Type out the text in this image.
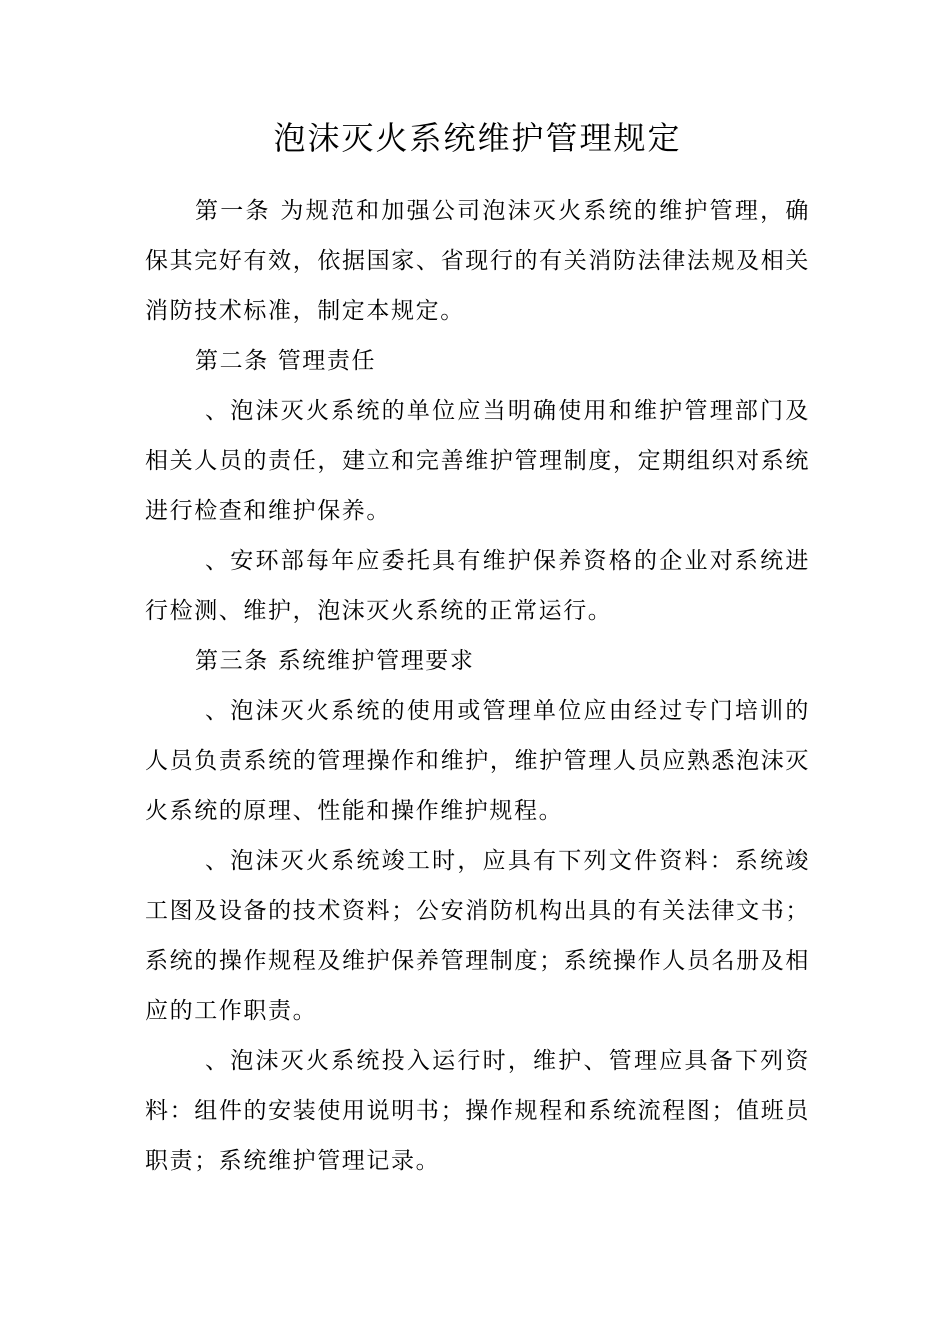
泡沫灭火系统维护管理规定

第一条 为规范和加强公司泡沫灭火系统的维护管理，确保其完好有效，依据国家、省现行的有关消防法律法规及相关消防技术标准，制定本规定。

第二条 管理责任

、泡沫灭火系统的单位应当明确使用和维护管理部门及相关人员的责任，建立和完善维护管理制度，定期组织对系统进行检查和维护保养。

、安环部每年应委托具有维护保养资格的企业对系统进行检测、维护，泡沫灭火系统的正常运行。

第三条 系统维护管理要求

、泡沫灭火系统的使用或管理单位应由经过专门培训的人员负责系统的管理操作和维护，维护管理人员应熟悉泡沫灭火系统的原理、性能和操作维护规程。

、泡沫灭火系统竣工时，应具有下列文件资料：系统竣工图及设备的技术资料；公安消防机构出具的有关法律文书；系统的操作规程及维护保养管理制度；系统操作人员名册及相应的工作职责。

、泡沫灭火系统投入运行时，维护、管理应具备下列资料：组件的安装使用说明书；操作规程和系统流程图；值班员职责；系统维护管理记录。
